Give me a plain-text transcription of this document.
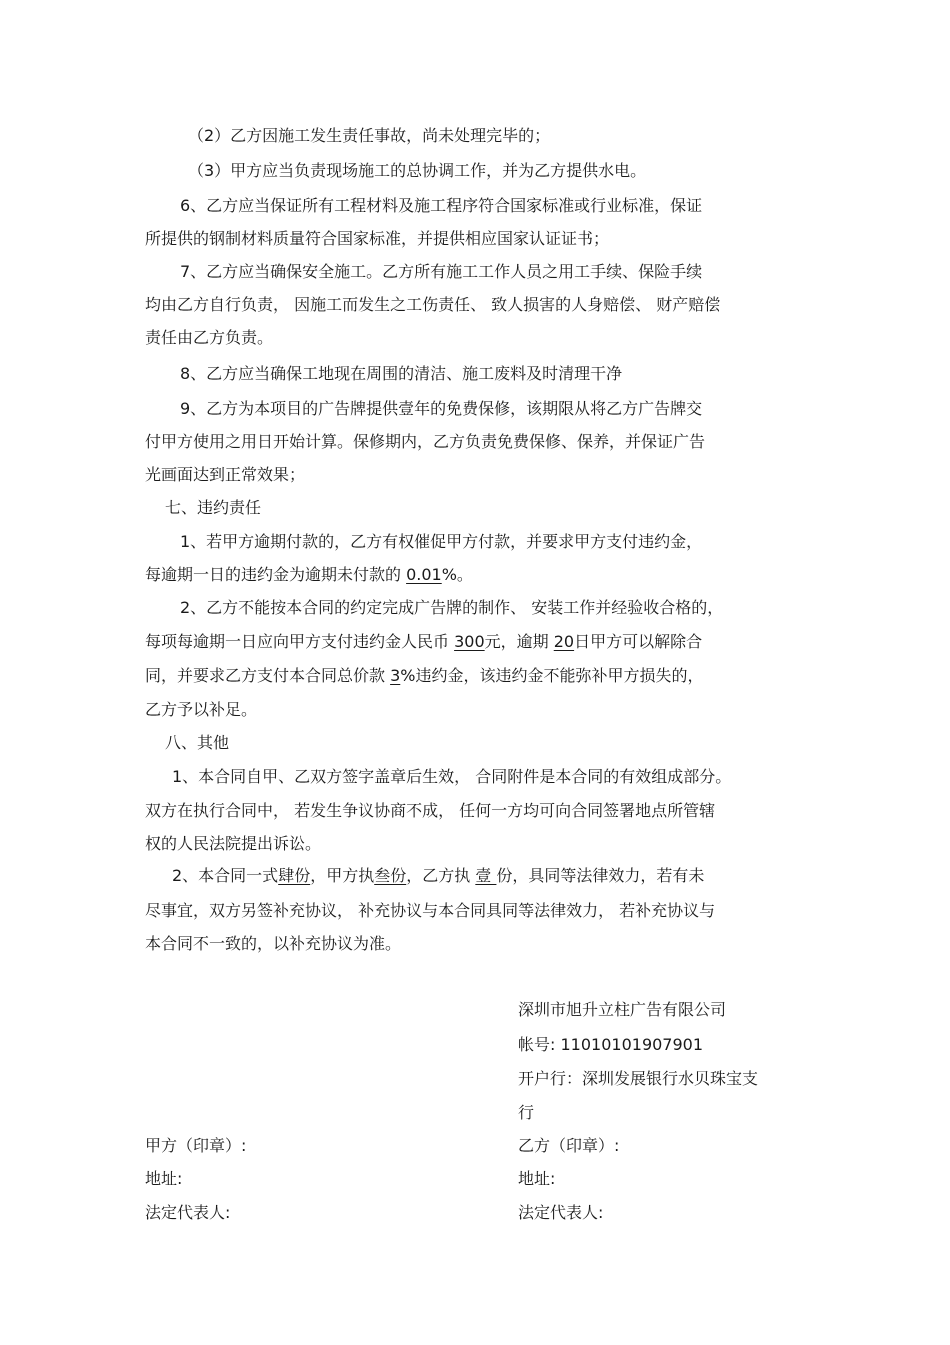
（2）乙方因施工发生责任事故，尚未处理完毕的；
（3）甲方应当负责现场施工的总协调工作，并为乙方提供水电。
6、乙方应当保证所有工程材料及施工程序符合国家标准或行业标准，保证
所提供的钢制材料质量符合国家标准，并提供相应国家认证证书；
7、乙方应当确保安全施工。乙方所有施工工作人员之用工手续、保险手续
均由乙方自行负责， 因施工而发生之工伤责任、 致人损害的人身赔偿、 财产赔偿
责任由乙方负责。
8、乙方应当确保工地现在周围的清洁、施工废料及时清理干净
9、乙方为本项目的广告牌提供壹年的免费保修，该期限从将乙方广告牌交
付甲方使用之用日开始计算。保修期内，乙方负责免费保修、保养，并保证广告
光画面达到正常效果；
七、违约责任
1、若甲方逾期付款的，乙方有权催促甲方付款，并要求甲方支付违约金，
每逾期一日的违约金为逾期未付款的 0.01%。
2、乙方不能按本合同的约定完成广告牌的制作、 安装工作并经验收合格的，
每项每逾期一日应向甲方支付违约金人民币 300元，逾期 20日甲方可以解除合
同，并要求乙方支付本合同总价款 3%违约金，该违约金不能弥补甲方损失的，
乙方予以补足。
八、其他
1、本合同自甲、乙双方签字盖章后生效， 合同附件是本合同的有效组成部分。
双方在执行合同中， 若发生争议协商不成， 任何一方均可向合同签署地点所管辖
权的人民法院提出诉讼。
2、本合同一式肆份，甲方执叁份，乙方执 壹 份，具同等法律效力，若有未
尽事宜，双方另签补充协议， 补充协议与本合同具同等法律效力， 若补充协议与
本合同不一致的，以补充协议为准。
深圳市旭升立柱广告有限公司
帐号: 11010101907901
开户行：深圳发展银行水贝珠宝支
行
甲方（印章）:
地址:
法定代表人:
乙方（印章）:
地址:
法定代表人:
